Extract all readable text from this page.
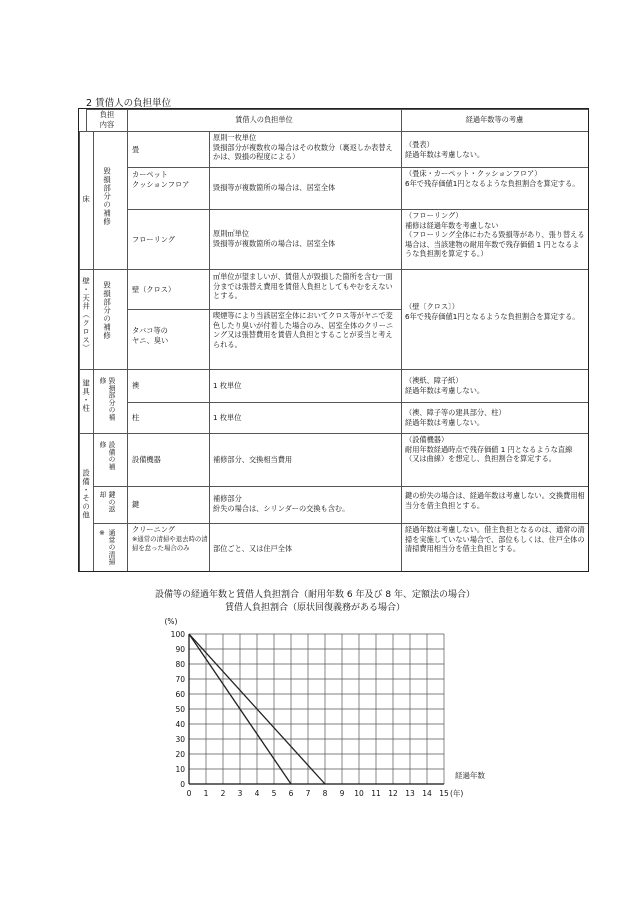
2 賃借人の負担単位
負担
内容
賃借人の負担単位	経過年数等の考慮
床
壁・天井（クロス）
建具・柱
設備・その他
毀損部分の補修
毀損部分の補修
毀損部分の補修
設備の補修
鍵の返却
通常の清掃※
畳
カーペット
クッションフロア
フローリング
壁（クロス）
タバコ等の
ヤニ、臭い
襖
柱
設備機器
鍵
クリーニング
※通常の清掃や退去時の清掃を怠った場合のみ
原則一枚単位
毀損部分が複数枚の場合はその枚数分（裏返しか表替えかは、毀損の程度による）
毀損等が複数箇所の場合は、居室全体
原則㎡単位
毀損等が複数箇所の場合は、居室全体
㎡単位が望ましいが、賃借人が毀損した箇所を含む一面分までは張替え費用を賃借人負担としてもやむをえないとする。
喫煙等により当該居室全体においてクロス等がヤニで変色したり臭いが付着した場合のみ、居室全体のクリーニング又は張替費用を賃借人負担とすることが妥当と考えられる。
1 枚単位
1 枚単位
補修部分、交換相当費用
補修部分
紛失の場合は、シリンダーの交換も含む。
部位ごと、又は住戸全体
（畳表）
経過年数は考慮しない。
（畳床・カーペット・クッションフロア）
6年で残存価値1円となるような負担割合を算定する。
（フローリング）
補修は経過年数を考慮しない
（フローリング全体にわたる毀損等があり、張り替える場合は、当該建物の耐用年数で残存価値 1 円となるような負担割を算定する。）
（壁〔クロス〕）
6年で残存価値1円となるような負担割合を算定する。
（襖紙、障子紙）
経過年数は考慮しない。
（襖、障子等の建具部分、柱）
経過年数は考慮しない。
（設備機器）
耐用年数経過時点で残存価値 1 円となるような直線（又は曲線）を想定し、負担割合を算定する。
鍵の紛失の場合は、経過年数は考慮しない。交換費用相当分を借主負担とする。
経過年数は考慮しない。借主負担となるのは、通常の清掃を実施していない場合で、部位もしくは、住戸全体の清掃費用相当分を借主負担とする。
設備等の経過年数と賃借人負担割合（耐用年数 6 年及び 8 年、定額法の場合）
賃借人負担割合（原状回復義務がある場合）
0
10
20
30
40
50
60
70
80
90
100
0 1 2 3 4 5 6 7 8 9 10 11 12 13 14 15
(%)
経過年数
(年)
